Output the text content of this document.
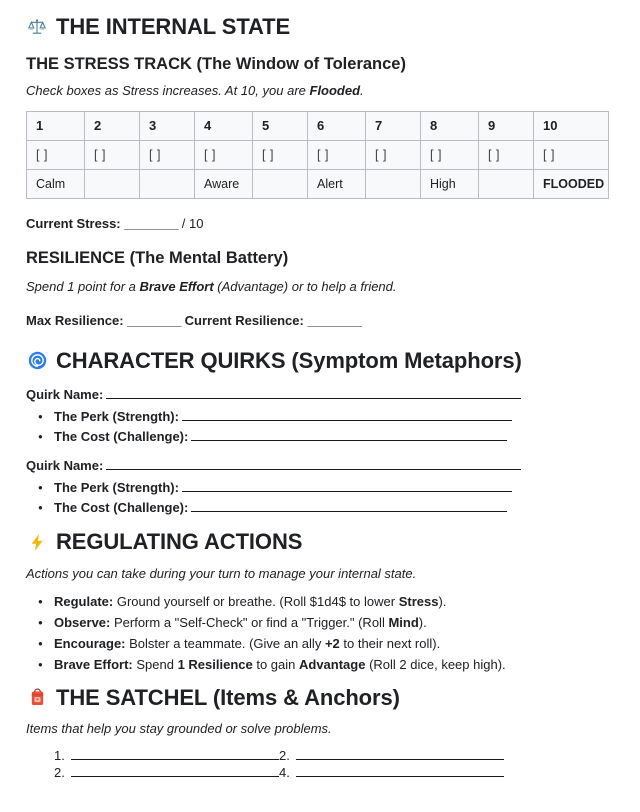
THE INTERNAL STATE
THE STRESS TRACK (The Window of Tolerance)

Check boxes as Stress increases. At 10, you are Flooded.

1	2	3	4	5	6	7	8	9	10
[ ]	[ ]	[ ]	[ ]	[ ]	[ ]	[ ]	[ ]	[ ]	[ ]
Calm			Aware		Alert		High		FLOODED
Current Stress: ________ / 10
RESILIENCE (The Mental Battery)

Spend 1 point for a Brave Effort (Advantage) or to help a friend.

Max Resilience: ________ Current Resilience: ________
CHARACTER QUIRKS (Symptom Metaphors)
Quirk Name:
● The Perk (Strength):
● The Cost (Challenge):
Quirk Name:
● The Perk (Strength):
● The Cost (Challenge):
REGULATING ACTIONS

Actions you can take during your turn to manage your internal state.

● Regulate: Ground yourself or breathe. (Roll $1d4$ to lower Stress).
● Observe: Perform a "Self-Check" or find a "Trigger." (Roll Mind).
● Encourage: Bolster a teammate. (Give an ally +2 to their next roll).
● Brave Effort: Spend 1 Resilience to gain Advantage (Roll 2 dice, keep high).
THE SATCHEL (Items & Anchors)

Items that help you stay grounded or solve problems.

1.	2.
2.	4.
